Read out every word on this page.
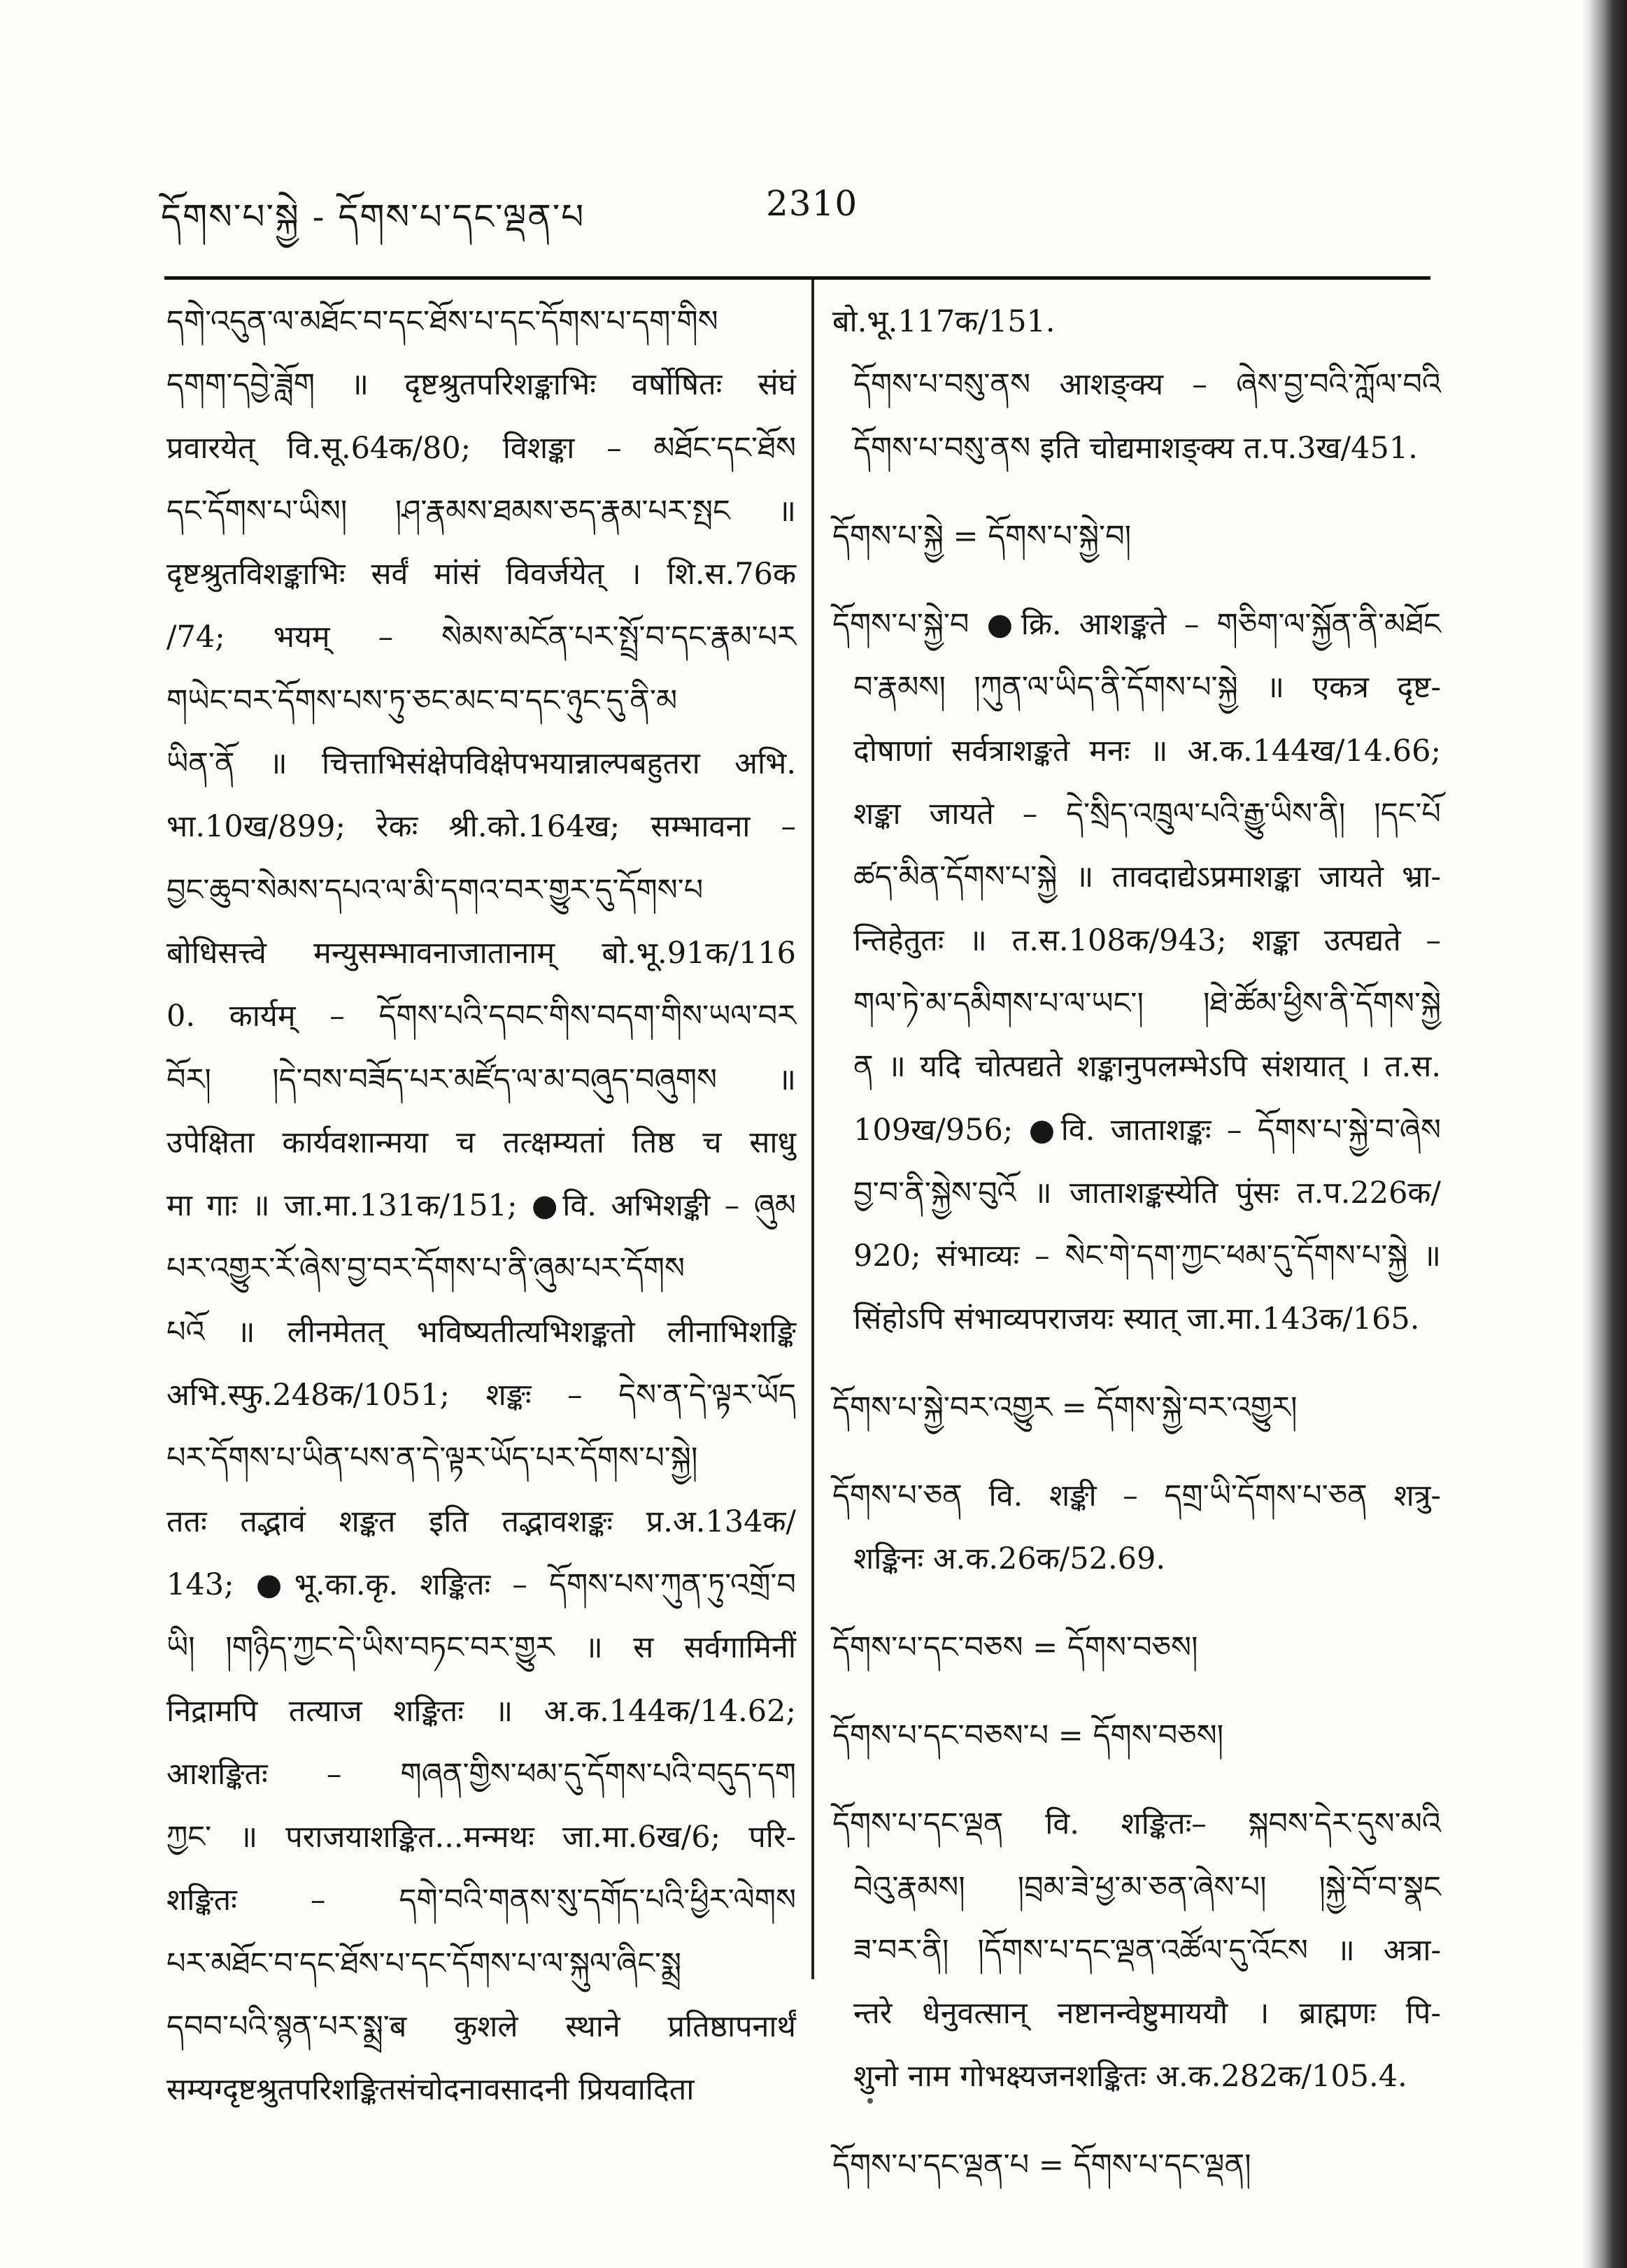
དོགས་པ་སྐྱེ - དོགས་པ་དང་ལྡན་པ	2310
དགེ་འདུན་ལ་མཐོང་བ་དང་ཐོས་པ་དང་དོགས་པ་དག་གིས
དགག་དབྱེ་ཟློག ॥ दृष्टश्रुतपरिशङ्काभिः वर्षोषितः संघं
प्रवारयेत् वि.सू.64क/80; विशङ्का – མཐོང་དང་ཐོས
དང་དོགས་པ་ཡིས། །ཤ་རྣམས་ཐམས་ཅད་རྣམ་པར་སྤང ॥
दृष्टश्रुतविशङ्काभिः सर्वं मांसं विवर्जयेत् । शि.स.76क
/74; भयम् – སེམས་མངོན་པར་སྤྲོ་བ་དང་རྣམ་པར
གཡེང་བར་དོགས་པས་ཏུ་ཅང་མང་བ་དང་ཉུང་དུ་ནི་མ
ཡིན་ནོ ॥ चित्ताभिसंक्षेपविक्षेपभयान्नाल्पबहुतरा अभि.
भा.10ख/899; रेकः श्री.को.164ख; सम्भावना –
བྱང་ཆུབ་སེམས་དཔའ་ལ་མི་དགའ་བར་གྱུར་དུ་དོགས་པ
बोधिसत्त्वे मन्युसम्भावनाजातानाम् बो.भू.91क/116
0. कार्यम् – དོགས་པའི་དབང་གིས་བདག་གིས་ཡལ་བར
བོར། །དེ་བས་བཟོད་པར་མཛོད་ལ་མ་བཞུད་བཞུགས ॥
उपेक्षिता कार्यवशान्मया च तत्क्षम्यतां तिष्ठ च साधु
मा गाः ॥ जा.मा.131क/151; ●वि. अभिशङ्की – ཞུམ
པར་འགྱུར་རོ་ཞེས་བྱ་བར་དོགས་པ་ནི་ཞུམ་པར་དོགས
པའོ ॥ लीनमेतत् भविष्यतीत्यभिशङ्कतो लीनाभिशङ्कि
अभि.स्फु.248क/1051; शङ्कः – དེས་ན་དེ་ལྟར་ཡོད
པར་དོགས་པ་ཡིན་པས་ན་དེ་ལྟར་ཡོད་པར་དོགས་པ་སྐྱེ།
ततः तद्भावं शङ्कत इति तद्भावशङ्कः प्र.अ.134क/
143; ●भू.का.कृ. शङ्कितः – དོགས་པས་ཀུན་ཏུ་འགྲོ་བ
ཡི། །གཉིད་ཀྱང་དེ་ཡིས་བཏང་བར་གྱུར ॥ स सर्वगामिनीं
निद्रामपि तत्याज शङ्कितः ॥ अ.क.144क/14.62;
आशङ्कितः – གཞན་གྱིས་ཕམ་དུ་དོགས་པའི་བདུད་དག
ཀྱང་ ॥ पराजयाशङ्कित...मन्मथः जा.मा.6ख/6; परि-
शङ्कितः – དགེ་བའི་གནས་སུ་དགོད་པའི་ཕྱིར་ལེགས
པར་མཐོང་བ་དང་ཐོས་པ་དང་དོགས་པ་ལ་སྐུལ་ཞིང་སྨྲ
དབབ་པའི་སྙན་པར་སྨྲ་ब कुशले स्थाने प्रतिष्ठापनार्थं
सम्यग्दृष्टश्रुतपरिशङ्कितसंचोदनावसादनी प्रियवादिता
बो.भू.117क/151.
དོགས་པ་བསུ་ནས आशङ्क्य – ཞེས་བྱ་བའི་ཀློལ་བའི
དོགས་པ་བསུ་ནས इति चोद्यमाशङ्क्य त.प.3ख/451.
དོགས་པ་སྐྱེ = དོགས་པ་སྐྱེ་བ།
དོགས་པ་སྐྱེ་བ ●क्रि. आशङ्कते – གཅིག་ལ་སྐྱོན་ནི་མཐོང
བ་རྣམས། །ཀུན་ལ་ཡིད་ནི་དོགས་པ་སྐྱེ ॥ एकत्र दृष्ट-
दोषाणां सर्वत्राशङ्कते मनः ॥ अ.क.144ख/14.66;
शङ्का जायते – དེ་སྲིད་འཁྲུལ་པའི་རྒྱུ་ཡིས་ནི། །དང་པོ
ཚད་མིན་དོགས་པ་སྐྱེ ॥ तावदाद्येऽप्रमाशङ्का जायते भ्रा-
न्तिहेतुतः ॥ त.स.108क/943; शङ्का उत्पद्यते –
གལ་ཏེ་མ་དམིགས་པ་ལ་ཡང་། །ཐེ་ཚོམ་ཕྱིས་ནི་དོགས་སྐྱེ
ན ॥ यदि चोत्पद्यते शङ्कानुपलम्भेऽपि संशयात् । त.स.
109ख/956; ●वि. जाताशङ्कः – དོགས་པ་སྐྱེ་བ་ཞེས
བྱ་བ་ནི་སྐྱེས་བུའོ ॥ जाताशङ्कस्येति पुंसः त.प.226क/
920; संभाव्यः – སེང་གེ་དག་ཀྱང་ཕམ་དུ་དོགས་པ་སྐྱེ ॥
सिंहोऽपि संभाव्यपराजयः स्यात् जा.मा.143क/165.
དོགས་པ་སྐྱེ་བར་འགྱུར = དོགས་སྐྱེ་བར་འགྱུར།
དོགས་པ་ཅན वि. शङ्की – དགྲ་ཡི་དོགས་པ་ཅན शत्रु-
शङ्किनः अ.क.26क/52.69.
དོགས་པ་དང་བཅས = དོགས་བཅས།
དོགས་པ་དང་བཅས་པ = དོགས་བཅས།
དོགས་པ་དང་ལྡན वि. शङ्कितः– སྐབས་དེར་དུས་མའི
བེའུ་རྣམས། །བྲམ་ཟེ་ཕྱ་མ་ཅན་ཞེས་པ། །སྐྱེ་བོ་བ་སྣང
ཟ་བར་ནི། །དོགས་པ་དང་ལྡན་འཚོལ་དུ་འོངས ॥ अत्रा-
न्तरे धेनुवत्सान् नष्टानन्वेष्टुमाययौ । ब्राह्मणः पि-
शुनो नाम गोभक्ष्यजनशङ्कितः अ.क.282क/105.4.
དོགས་པ་དང་ལྡན་པ = དོགས་པ་དང་ལྡན།
